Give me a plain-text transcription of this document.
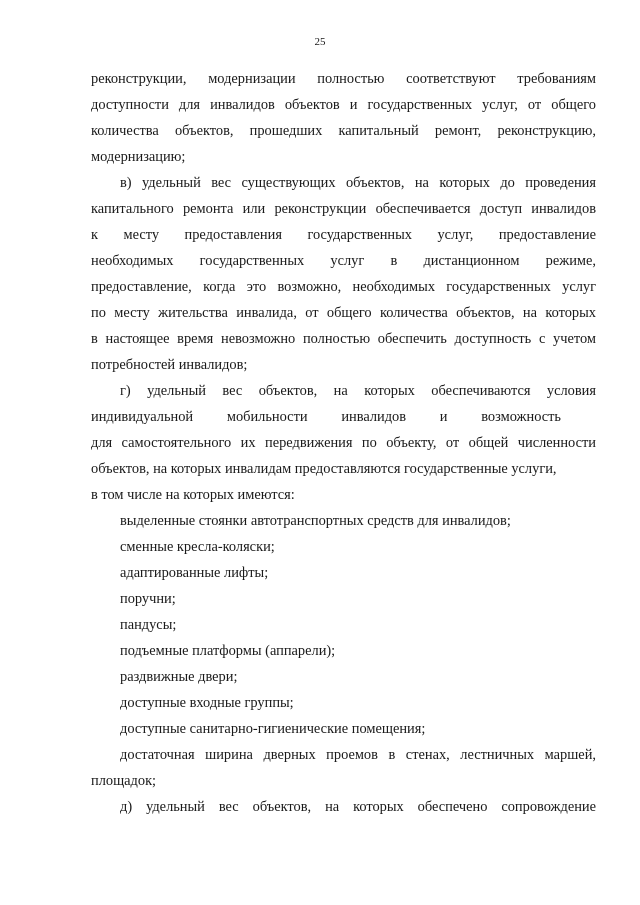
25
реконструкции, модернизации полностью соответствуют требованиям
доступности для инвалидов объектов и государственных услуг, от общего
количества объектов, прошедших капитальный ремонт, реконструкцию,
модернизацию;
в) удельный вес существующих объектов, на которых до проведения
капитального ремонта или реконструкции обеспечивается доступ инвалидов
к месту предоставления государственных услуг, предоставление
необходимых государственных услуг в дистанционном режиме,
предоставление, когда это возможно, необходимых государственных услуг
по месту жительства инвалида, от общего количества объектов, на которых
в настоящее время невозможно полностью обеспечить доступность с учетом
потребностей инвалидов;
г) удельный вес объектов, на которых обеспечиваются условия
индивидуальной мобильности инвалидов и возможность
для самостоятельного их передвижения по объекту, от общей численности
объектов, на которых инвалидам предоставляются государственные услуги,
в том числе на которых имеются:
выделенные стоянки автотранспортных средств для инвалидов;
сменные кресла-коляски;
адаптированные лифты;
поручни;
пандусы;
подъемные платформы (аппарели);
раздвижные двери;
доступные входные группы;
доступные санитарно-гигиенические помещения;
достаточная ширина дверных проемов в стенах, лестничных маршей,
площадок;
д) удельный вес объектов, на которых обеспечено сопровождение
